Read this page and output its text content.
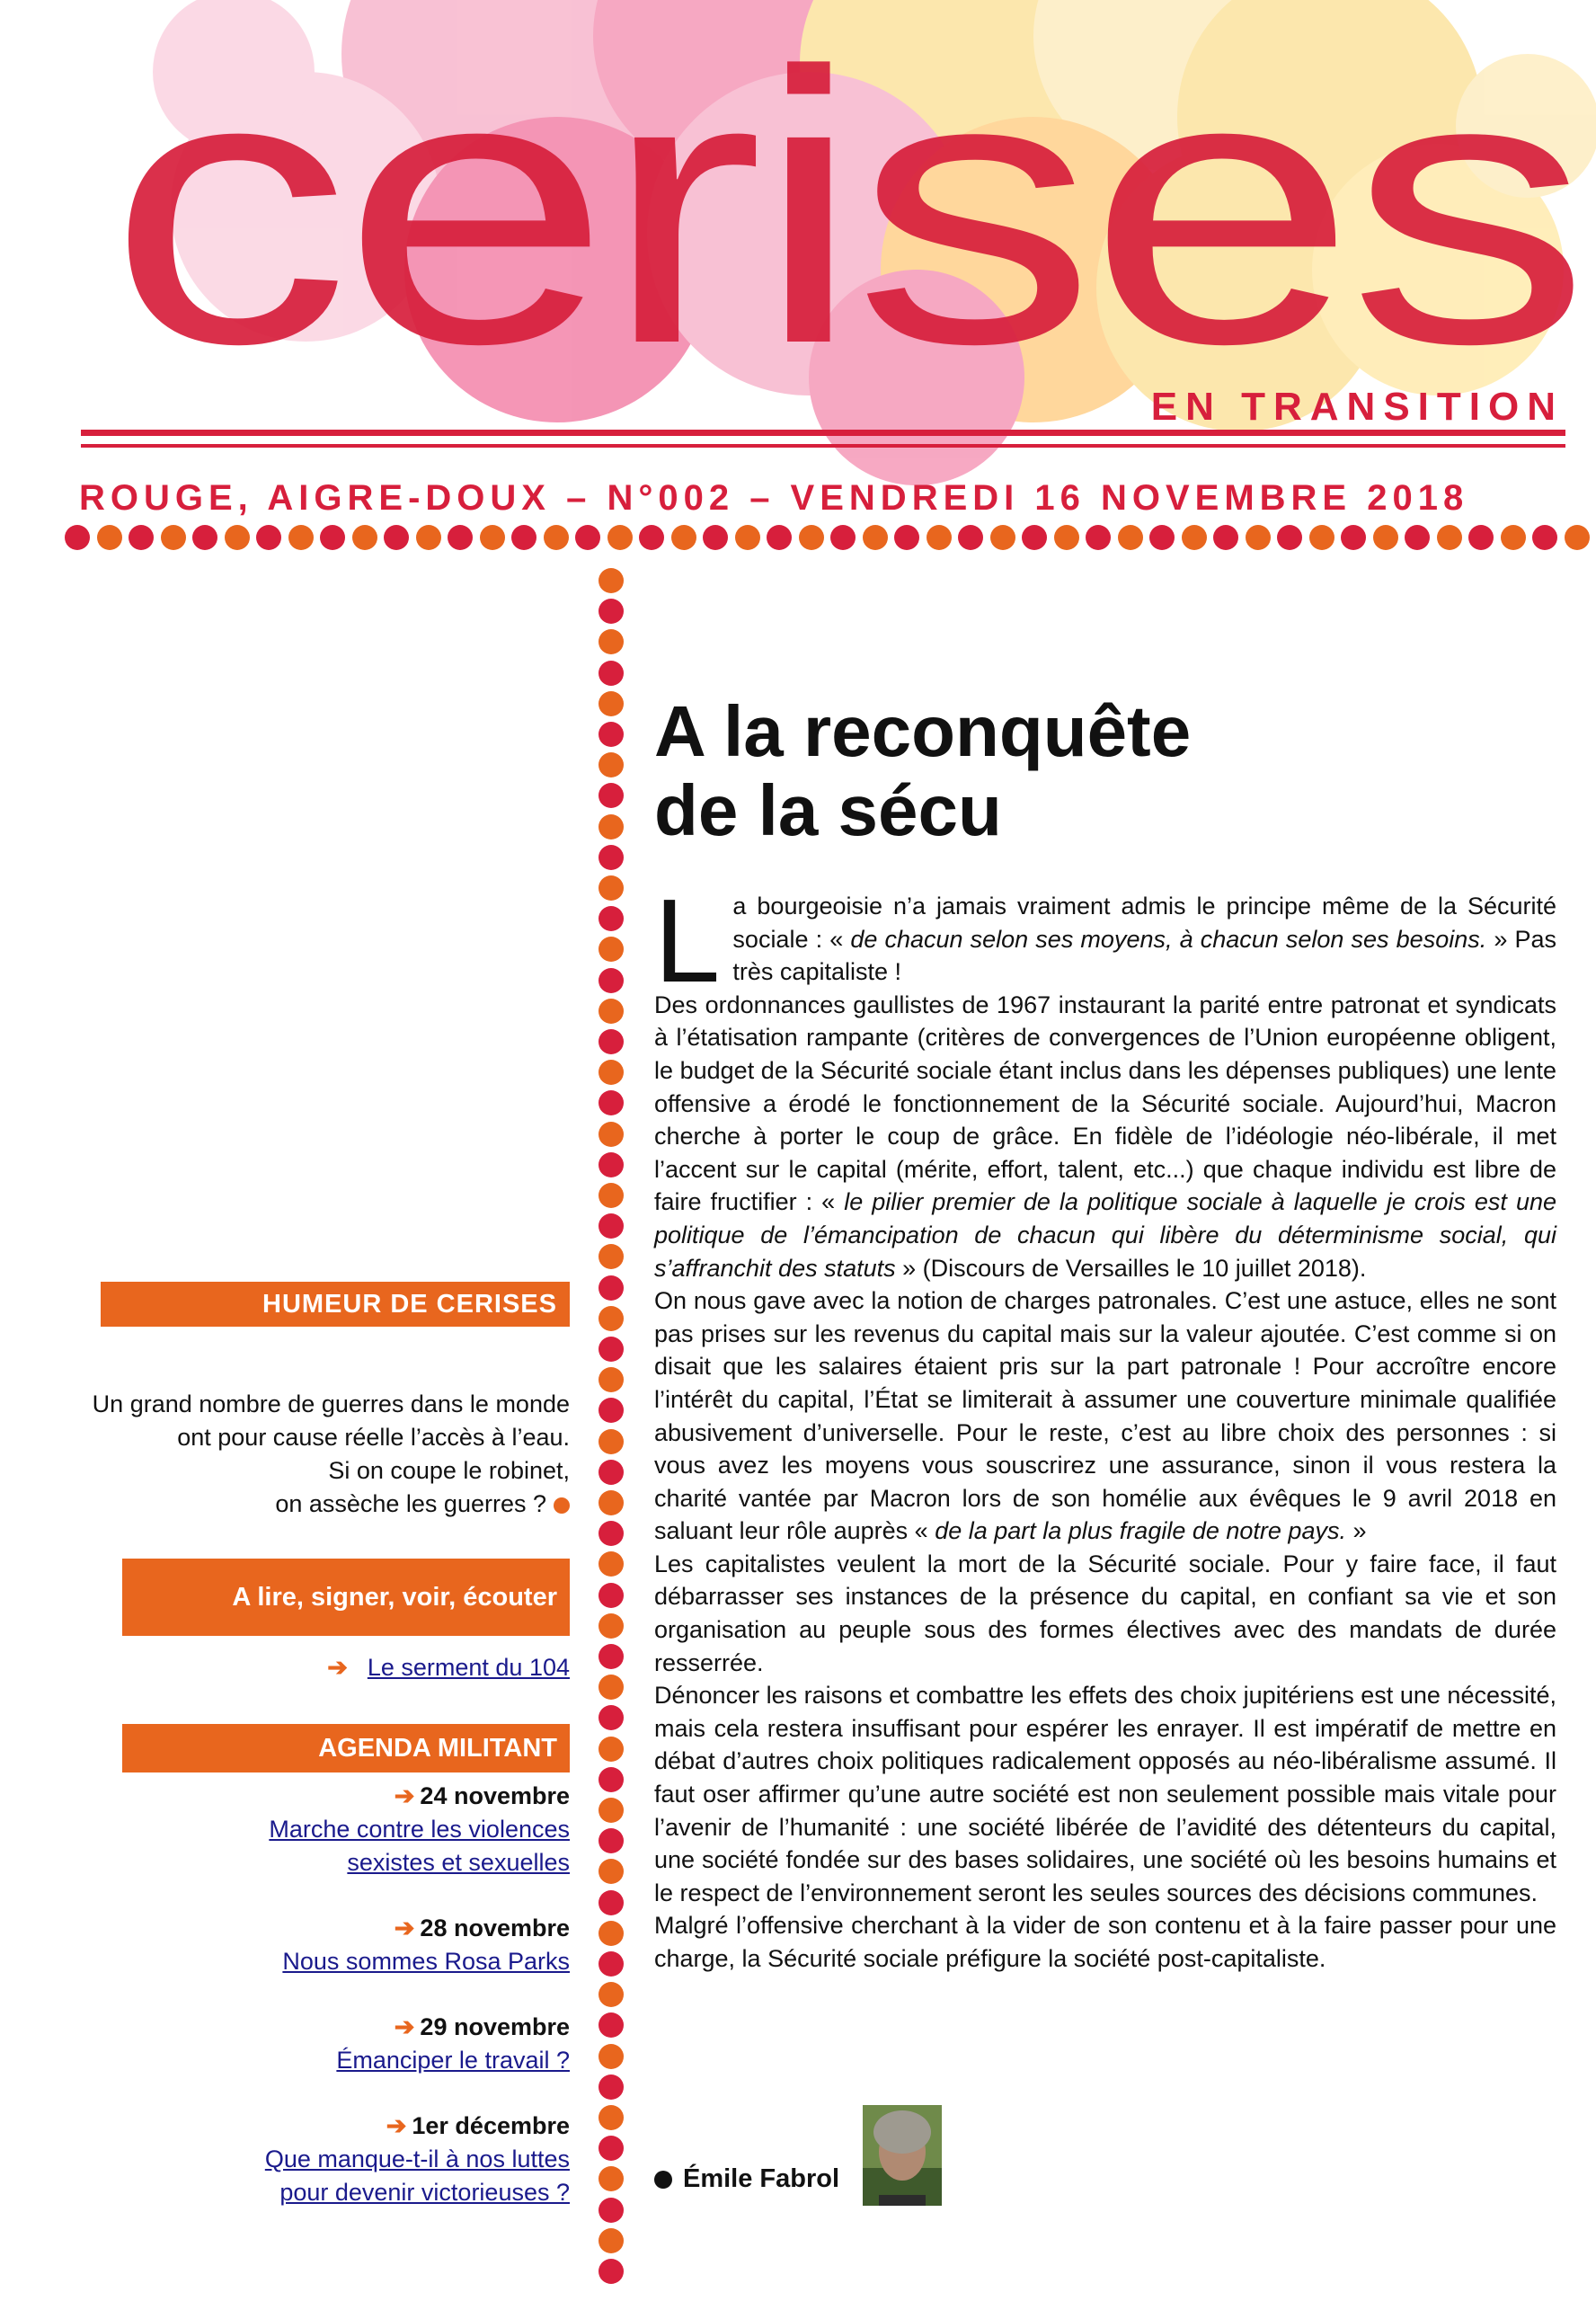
cerises
EN TRANSITION
ROUGE, AIGRE-DOUX – N°002 – VENDREDI 16 NOVEMBRE 2018
A la reconquête
de la sécu

La bourgeoisie n’a jamais vraiment admis le principe même de la Sécurité sociale : « de chacun selon ses moyens, à chacun selon ses besoins. » Pas très capitaliste !

Des ordonnances gaullistes de 1967 instaurant la parité entre patronat et syndicats à l’étatisation rampante (critères de convergences de l’Union européenne obligent, le budget de la Sécurité sociale étant inclus dans les dépenses publiques) une lente offensive a érodé le fonctionnement de la Sécurité sociale. Aujourd’hui, Macron cherche à porter le coup de grâce. En fidèle de l’idéologie néo-libérale, il met l’accent sur le capital (mérite, effort, talent, etc...) que chaque individu est libre de faire fructifier : « le pilier premier de la politique sociale à laquelle je crois est une politique de l’émancipation de chacun qui libère du déterminisme social, qui s’affranchit des statuts » (Discours de Versailles le 10 juillet 2018).

On nous gave avec la notion de charges patronales. C’est une astuce, elles ne sont pas prises sur les revenus du capital mais sur la valeur ajoutée. C’est comme si on disait que les salaires étaient pris sur la part patronale ! Pour accroître encore l’intérêt du capital, l’État se limiterait à assumer une couverture minimale qualifiée abusivement d’universelle. Pour le reste, c’est au libre choix des personnes : si vous avez les moyens vous souscrirez une assurance, sinon il vous restera la charité vantée par Macron lors de son homélie aux évêques le 9 avril 2018 en saluant leur rôle auprès « de la part la plus fragile de notre pays. »

Les capitalistes veulent la mort de la Sécurité sociale. Pour y faire face, il faut débarrasser ses instances de la présence du capital, en confiant sa vie et son organisation au peuple sous des formes électives avec des mandats de durée resserrée.

Dénoncer les raisons et combattre les effets des choix jupitériens est une nécessité, mais cela restera insuffisant pour espérer les enrayer. Il est impératif de mettre en débat d’autres choix politiques radicalement opposés au néo-libéralisme assumé. Il faut oser affirmer qu’une autre société est non seulement possible mais vitale pour l’avenir de l’humanité : une société libérée de l’avidité des détenteurs du capital, une société fondée sur des bases solidaires, une société où les besoins humains et le respect de l’environnement seront les seules sources des décisions communes.

Malgré l’offensive cherchant à la vider de son contenu et à la faire passer pour une charge, la Sécurité sociale préfigure la société post-capitaliste.

Émile Fabrol
HUMEUR DE CERISES

Un grand nombre de guerres dans le monde
ont pour cause réelle l’accès à l’eau.
Si on coupe le robinet,
on assèche les guerres ?

A lire, signer, voir, écouter
➔ Le serment du 104
AGENDA MILITANT
➔ 24 novembre
Marche contre les violences
sexistes et sexuelles
➔ 28 novembre
Nous sommes Rosa Parks
➔ 29 novembre
Émanciper le travail ?
➔ 1er décembre
Que manque-t-il à nos luttes
pour devenir victorieuses ?
